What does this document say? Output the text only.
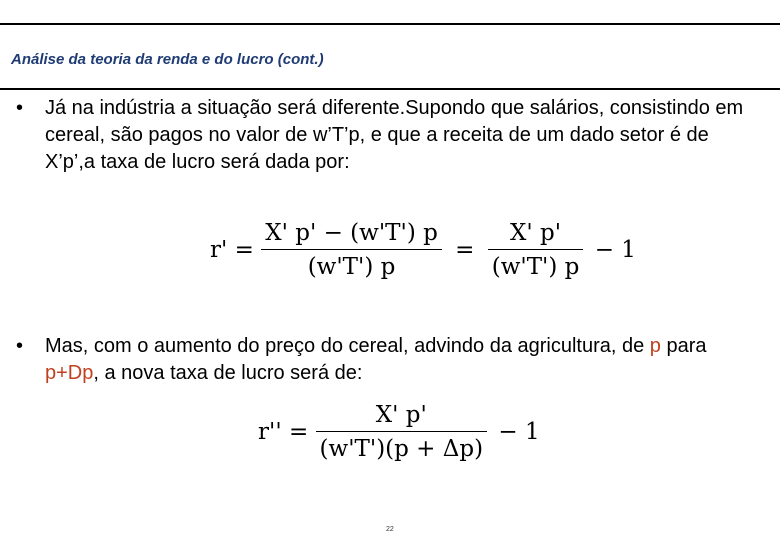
Análise da teoria da renda e do lucro (cont.)
• Já na indústria a situação será diferente.Supondo que salários, consistindo em cereal, são pagos no valor de w’T’p, e que a receita de um dado setor é de X’p’,a taxa de lucro será dada por:
$r' = \frac{X' p' - (w'T') p}{(w'T') p} = \frac{X' p'}{(w'T') p} - 1$
• Mas, com o aumento do preço do cereal, advindo da agricultura, de p para p+Dp, a nova taxa de lucro será de:
$r'' = \frac{X' p'}{(w'T')(p + \Delta p)} - 1$
22
